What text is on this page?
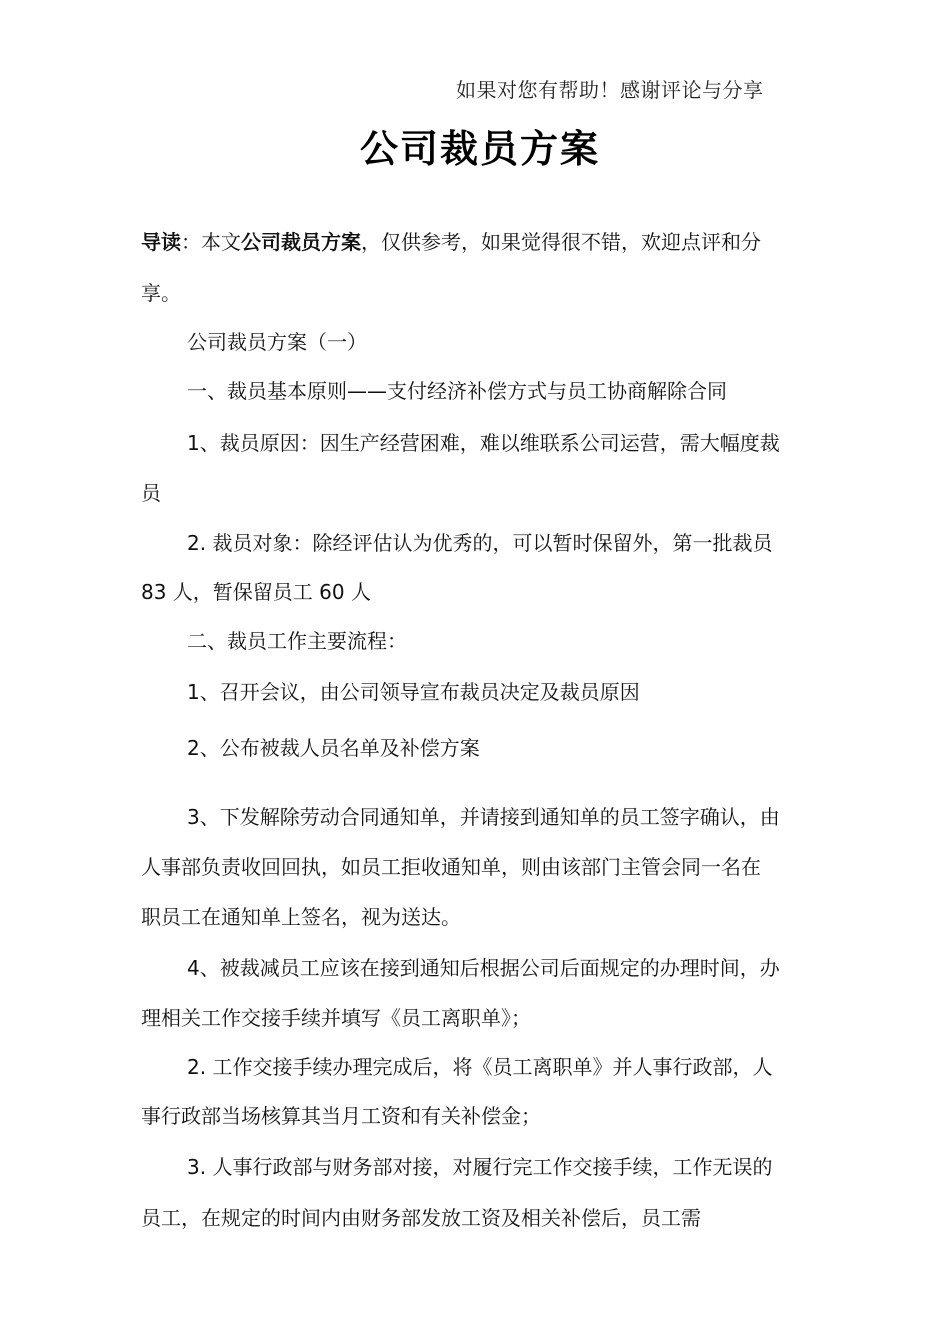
如果对您有帮助！感谢评论与分享
公司裁员方案
导读：本文公司裁员方案，仅供参考，如果觉得很不错，欢迎点评和分
享。
公司裁员方案（一）
一、裁员基本原则——支付经济补偿方式与员工协商解除合同
1、裁员原因：因生产经营困难，难以维联系公司运营，需大幅度裁
员
2. 裁员对象：除经评估认为优秀的，可以暂时保留外，第一批裁员
83 人，暂保留员工 60 人
二、裁员工作主要流程：
1、召开会议，由公司领导宣布裁员决定及裁员原因
2、公布被裁人员名单及补偿方案
3、下发解除劳动合同通知单，并请接到通知单的员工签字确认，由
人事部负责收回回执，如员工拒收通知单，则由该部门主管会同一名在
职员工在通知单上签名，视为送达。
4、被裁减员工应该在接到通知后根据公司后面规定的办理时间，办
理相关工作交接手续并填写《员工离职单》；
2. 工作交接手续办理完成后，将《员工离职单》并人事行政部，人
事行政部当场核算其当月工资和有关补偿金；
3. 人事行政部与财务部对接，对履行完工作交接手续，工作无误的
员工，在规定的时间内由财务部发放工资及相关补偿后，员工需
